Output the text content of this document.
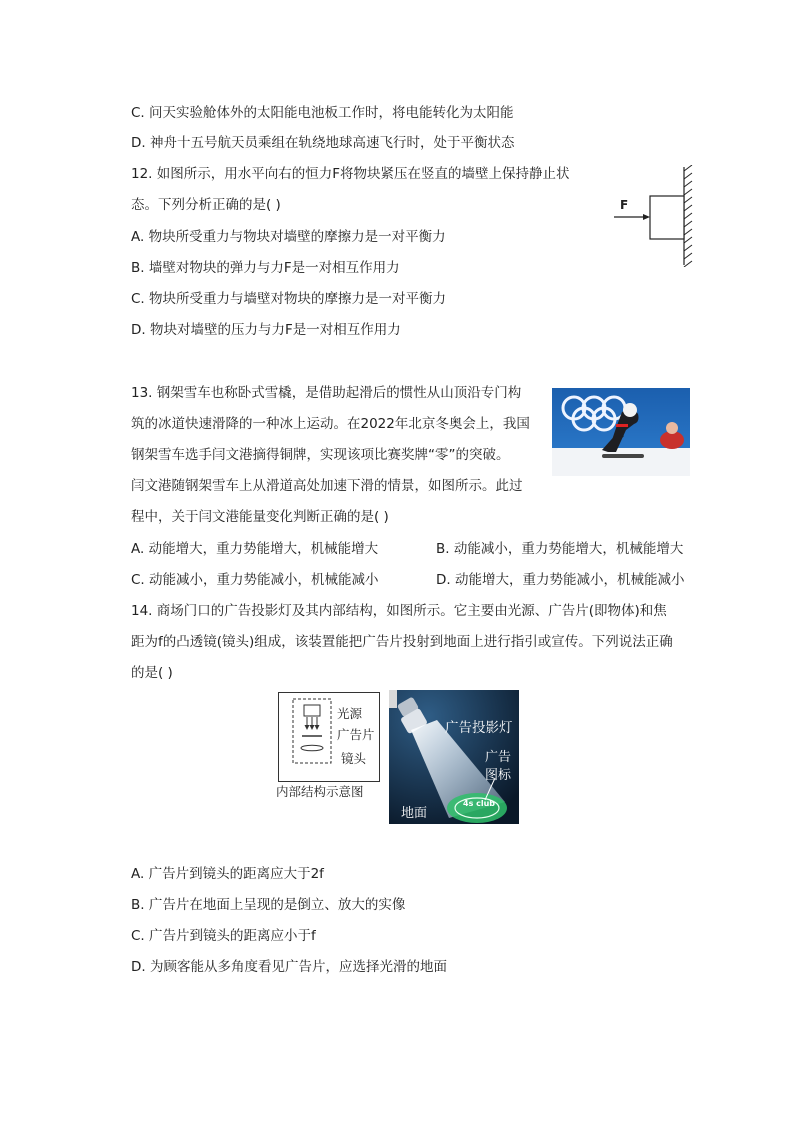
C. 问天实验舱体外的太阳能电池板工作时，将电能转化为太阳能
D. 神舟十五号航天员乘组在轨绕地球高速飞行时，处于平衡状态
12. 如图所示，用水平向右的恒力F将物块紧压在竖直的墙壁上保持静止状
态。下列分析正确的是( )
A. 物块所受重力与物块对墙壁的摩擦力是一对平衡力
B. 墙壁对物块的弹力与力F是一对相互作用力
C. 物块所受重力与墙壁对物块的摩擦力是一对平衡力
D. 物块对墙壁的压力与力F是一对相互作用力
F
13. 钢架雪车也称卧式雪橇，是借助起滑后的惯性从山顶沿专门构
筑的冰道快速滑降的一种冰上运动。在2022年北京冬奥会上，我国
钢架雪车选手闫文港摘得铜牌，实现该项比赛奖牌“零”的突破。
闫文港随钢架雪车上从滑道高处加速下滑的情景，如图所示。此过
程中，关于闫文港能量变化判断正确的是( )
A. 动能增大，重力势能增大，机械能增大	B. 动能减小，重力势能增大，机械能增大
C. 动能减小，重力势能减小，机械能减小	D. 动能增大，重力势能减小，机械能减小
14. 商场门口的广告投影灯及其内部结构，如图所示。它主要由光源、广告片(即物体)和焦
距为f的凸透镜(镜头)组成，该装置能把广告片投射到地面上进行指引或宣传。下列说法正确
的是( )
光源
广告片
镜头
内部结构示意图
广告投影灯
广告
图标
地面
4s club
A. 广告片到镜头的距离应大于2f
B. 广告片在地面上呈现的是倒立、放大的实像
C. 广告片到镜头的距离应小于f
D. 为顾客能从多角度看见广告片，应选择光滑的地面
